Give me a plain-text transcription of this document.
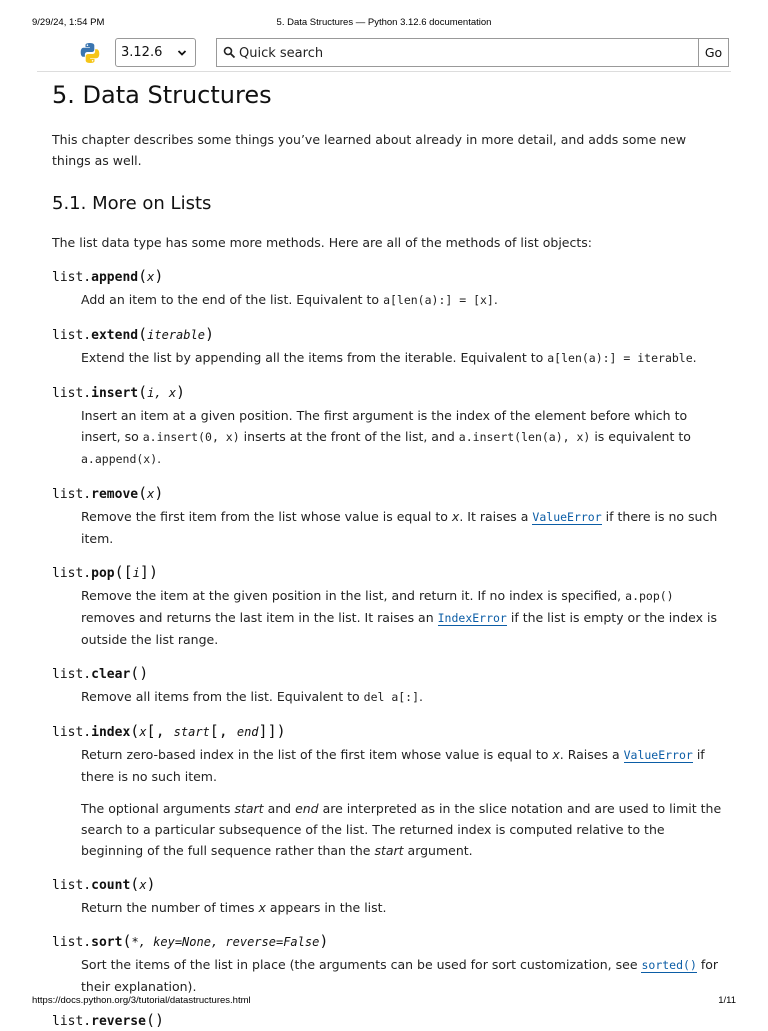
9/29/24, 1:54 PM	5. Data Structures — Python 3.12.6 documentation
3.12.6
Quick search	Go
5. Data Structures

This chapter describes some things you’ve learned about already in more detail, and adds some new things as well.

5.1. More on Lists

The list data type has some more methods. Here are all of the methods of list objects:

list.append(x)

Add an item to the end of the list. Equivalent to a[len(a):] = [x].

list.extend(iterable)

Extend the list by appending all the items from the iterable. Equivalent to a[len(a):] = iterable.

list.insert(i, x)

Insert an item at a given position. The first argument is the index of the element before which to insert, so a.insert(0, x) inserts at the front of the list, and a.insert(len(a), x) is equivalent to a.append(x).

list.remove(x)

Remove the first item from the list whose value is equal to x. It raises a ValueError if there is no such item.

list.pop([i])

Remove the item at the given position in the list, and return it. If no index is specified, a.pop() removes and returns the last item in the list. It raises an IndexError if the list is empty or the index is outside the list range.

list.clear()

Remove all items from the list. Equivalent to del a[:].

list.index(x[, start[, end]])

Return zero-based index in the list of the first item whose value is equal to x. Raises a ValueError if there is no such item.

The optional arguments start and end are interpreted as in the slice notation and are used to limit the search to a particular subsequence of the list. The returned index is computed relative to the beginning of the full sequence rather than the start argument.

list.count(x)

Return the number of times x appears in the list.

list.sort(*, key=None, reverse=False)

Sort the items of the list in place (the arguments can be used for sort customization, see sorted() for their explanation).

list.reverse()
https://docs.python.org/3/tutorial/datastructures.html	1/11
